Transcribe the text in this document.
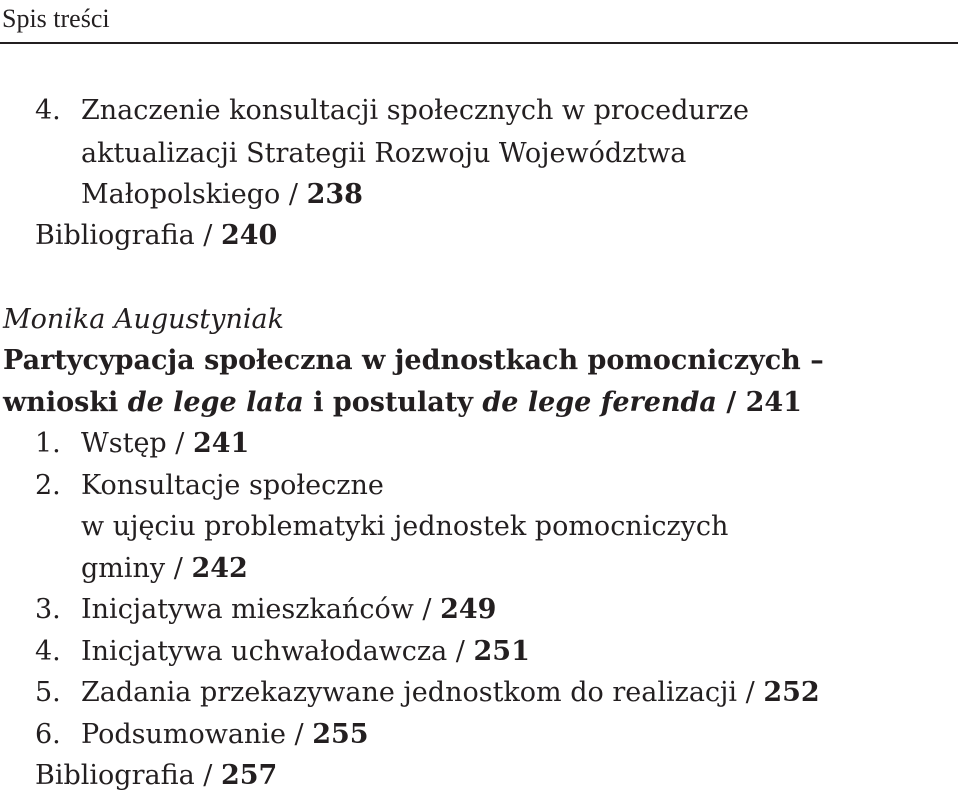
Spis treści
4. Znaczenie konsultacji społecznych w procedurze
aktualizacji Strategii Rozwoju Województwa
Małopolskiego / 238
Bibliografia / 240
Monika Augustyniak
Partycypacja społeczna w jednostkach pomocniczych –
wnioski de lege lata i postulaty de lege ferenda / 241
1. Wstęp / 241
2. Konsultacje społeczne
w ujęciu problematyki jednostek pomocniczych
gminy / 242
3. Inicjatywa mieszkańców / 249
4. Inicjatywa uchwałodawcza / 251
5. Zadania przekazywane jednostkom do realizacji / 252
6. Podsumowanie / 255
Bibliografia / 257
